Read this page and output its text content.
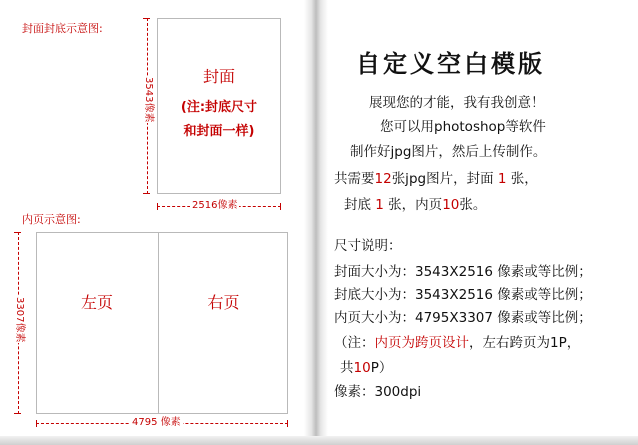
封面封底示意图:
3543像素
封面
(注:封底尺寸
和封面一样)
2516像素
内页示意图:
3307像素	左页	右页
4795 像素
自定义空白模版
展现您的才能，我有我创意！
您可以用photoshop等软件
制作好jpg图片，然后上传制作。
共需要12张jpg图片，封面 1 张，
封底 1 张，内页10张。
尺寸说明：
封面大小为：3543X2516 像素或等比例；
封底大小为：3543X2516 像素或等比例；
内页大小为：4795X3307 像素或等比例；
（注：内页为跨页设计，左右跨页为1P，
共10P）
像素：300dpi
